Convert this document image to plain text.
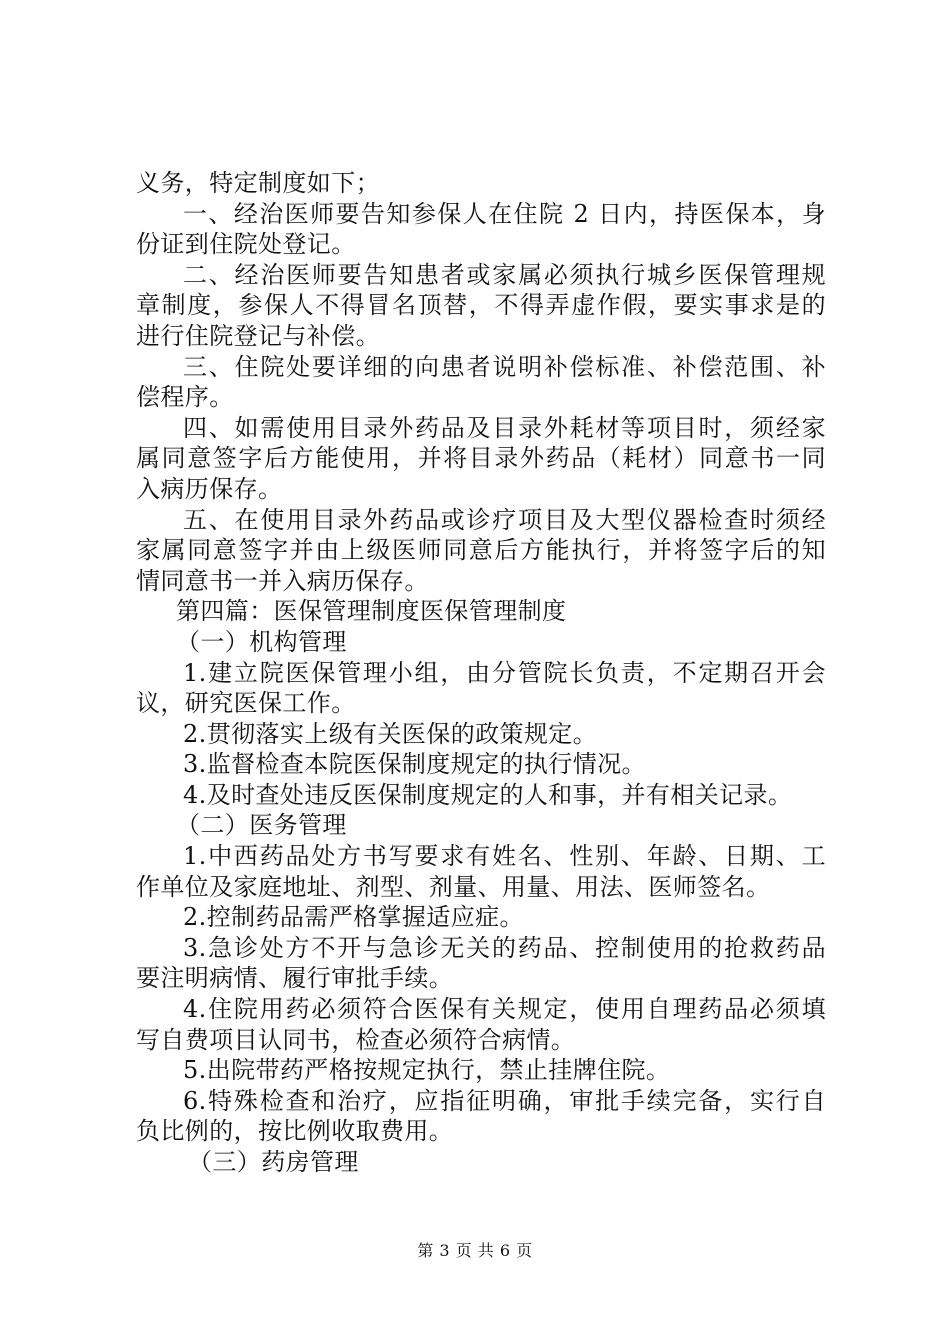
义务，特定制度如下；
一、经治医师要告知参保人在住院 2 日内，持医保本，身
份证到住院处登记。
二、经治医师要告知患者或家属必须执行城乡医保管理规
章制度，参保人不得冒名顶替，不得弄虚作假，要实事求是的
进行住院登记与补偿。
三、住院处要详细的向患者说明补偿标准、补偿范围、补
偿程序。
四、如需使用目录外药品及目录外耗材等项目时，须经家
属同意签字后方能使用，并将目录外药品（耗材）同意书一同
入病历保存。
五、在使用目录外药品或诊疗项目及大型仪器检查时须经
家属同意签字并由上级医师同意后方能执行，并将签字后的知
情同意书一并入病历保存。
第四篇：医保管理制度医保管理制度
（一）机构管理
1.建立院医保管理小组，由分管院长负责，不定期召开会
议，研究医保工作。
2.贯彻落实上级有关医保的政策规定。
3.监督检查本院医保制度规定的执行情况。
4.及时查处违反医保制度规定的人和事，并有相关记录。
（二）医务管理
1.中西药品处方书写要求有姓名、性别、年龄、日期、工
作单位及家庭地址、剂型、剂量、用量、用法、医师签名。
2.控制药品需严格掌握适应症。
3.急诊处方不开与急诊无关的药品、控制使用的抢救药品
要注明病情、履行审批手续。
4.住院用药必须符合医保有关规定，使用自理药品必须填
写自费项目认同书，检查必须符合病情。
5.出院带药严格按规定执行，禁止挂牌住院。
6.特殊检查和治疗，应指征明确，审批手续完备，实行自
负比例的，按比例收取费用。
（三）药房管理
第 3 页 共 6 页
